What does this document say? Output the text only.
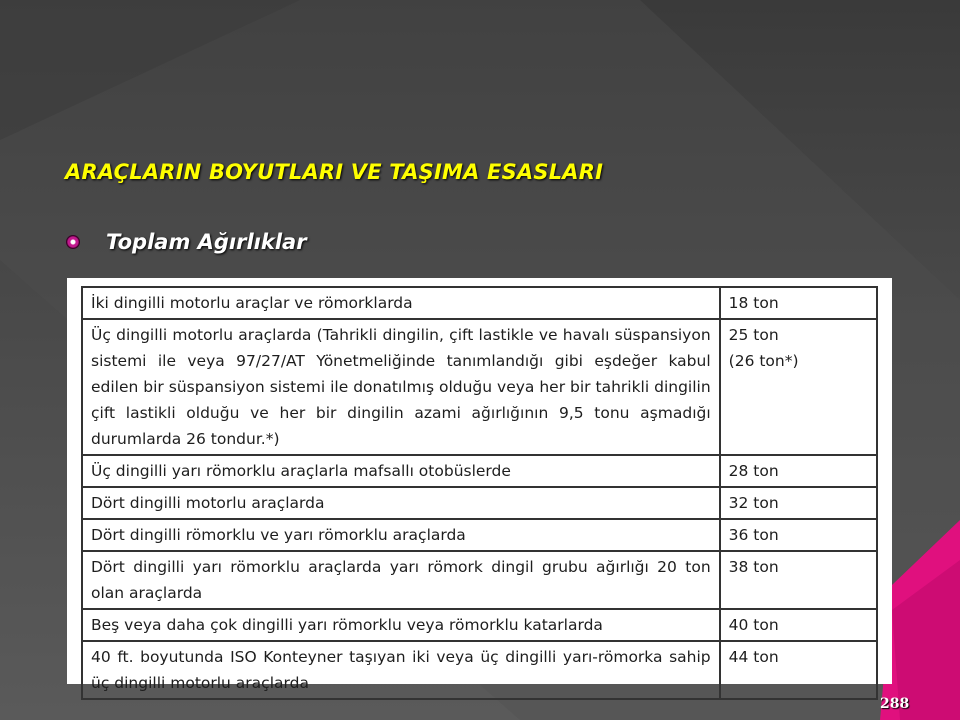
ARAÇLARIN BOYUTLARI VE TAŞIMA ESASLARI
Toplam Ağırlıklar
İki dingilli motorlu araçlar ve römorklarda	18 ton

Üç dingilli motorlu araçlarda (Tahrikli dingilin, çift lastikle ve havalı süspansiyon sistemi ile veya 97/27/AT Yönetmeliğinde tanımlandığı gibi eşdeğer kabul edilen bir süspansiyon sistemi ile donatılmış olduğu veya her bir tahrikli dingilin çift lastikli olduğu ve her bir dingilin azami ağırlığının 9,5 tonu aşmadığı durumlarda 26 tondur.*)	25 ton
(26 ton*)

Üç dingilli yarı römorklu araçlarla mafsallı otobüslerde	28 ton

Dört dingilli motorlu araçlarda	32 ton

Dört dingilli römorklu ve yarı römorklu araçlarda	36 ton

Dört dingilli yarı römorklu araçlarda yarı römork dingil grubu ağırlığı 20 ton olan araçlarda	38 ton

Beş veya daha çok dingilli yarı römorklu veya römorklu katarlarda	40 ton

40 ft. boyutunda ISO Konteyner taşıyan iki veya üç dingilli yarı-römorka sahip üç dingilli motorlu araçlarda	44 ton
288
